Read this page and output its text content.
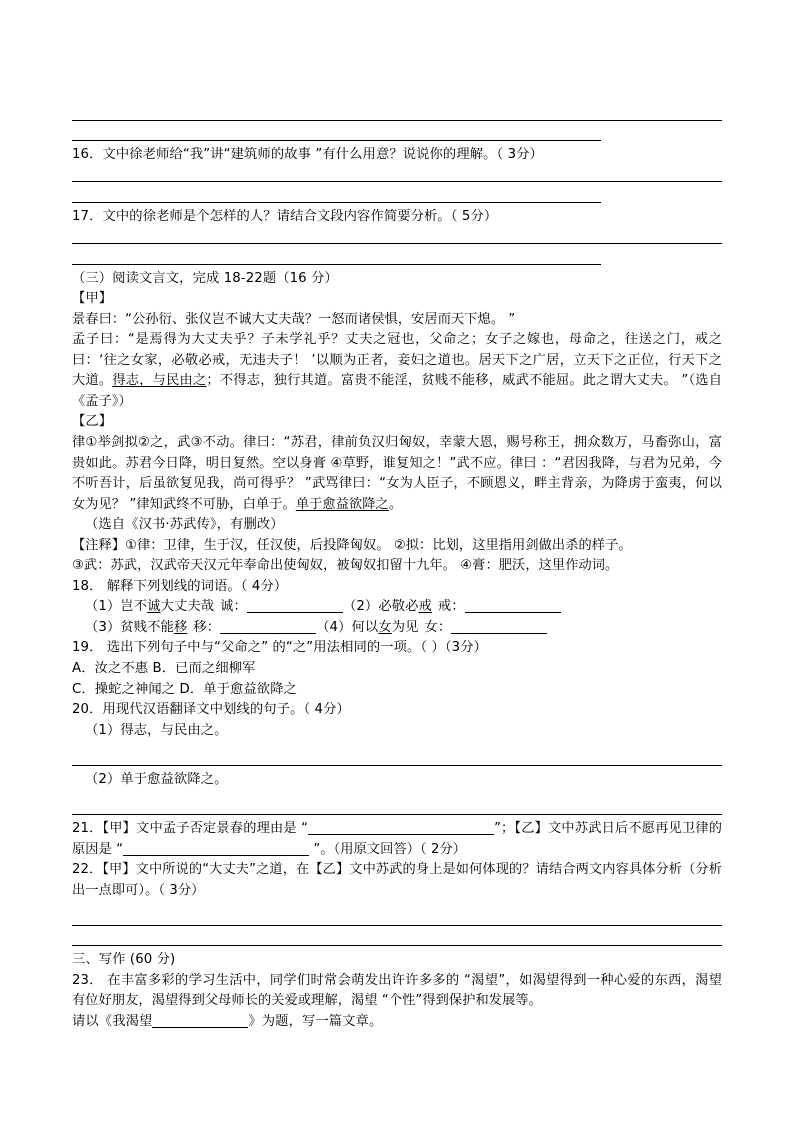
16．文中徐老师给“我”讲“建筑师的故事 ”有什么用意？说说你的理解。（ 3分）

17．文中的徐老师是个怎样的人？请结合文段内容作简要分析。（ 5分）

（三）阅读文言文，完成 18-22题（16 分）

【甲】

景春曰：“公孙衍、张仪岂不诚大丈夫哉？一怒而诸侯惧，安居而天下熄。 ”

孟子曰：“是焉得为大丈夫乎？子未学礼乎？丈夫之冠也，父命之；女子之嫁也，母命之，往送之门，戒之曰：‘往之女家，必敬必戒，无违夫子！ ’以顺为正者，妾妇之道也。居天下之广居，立天下之正位，行天下之大道。得志，与民由之；不得志，独行其道。富贵不能淫，贫贱不能移，威武不能屈。此之谓大丈夫。 ”（选自《孟子》）

【乙】

律①举剑拟②之，武③不动。律曰：“苏君，律前负汉归匈奴，幸蒙大恩，赐号称王，拥众数万，马畜弥山，富贵如此。苏君今日降，明日复然。空以身膏 ④草野，谁复知之！”武不应。律曰 ：“君因我降，与君为兄弟，今不听吾计，后虽欲复见我，尚可得乎？ ”武骂律曰：“女为人臣子，不顾恩义，畔主背亲，为降虏于蛮夷，何以女为见？ ”律知武终不可胁，白单于。单于愈益欲降之。

（选自《汉书·苏武传》，有删改）

【注释】①律：卫律，生于汉，任汉使，后投降匈奴。 ②拟：比划，这里指用剑做出杀的样子。

③武：苏武，汉武帝天汉元年奉命出使匈奴，被匈奴扣留十九年。 ④膏：肥沃，这里作动词。

18． 解释下列划线的词语。（ 4分）

（1）岂不诚大丈夫哉 诚：	（2）必敬必戒 戒：

（3）贫贱不能移 移：	（4）何以女为见 女：

19． 选出下列句子中与“父命之” 的“之”用法相同的一项。（ ）（3分）

A．汝之不惠 B．已而之细柳军

C．操蛇之神闻之 D．单于愈益欲降之

20．用现代汉语翻译文中划线的句子。（ 4分）

（1）得志，与民由之。

（2）单于愈益欲降之。

21．【甲】文中孟子否定景春的理由是 “	”；【乙】文中苏武日后不愿再见卫律的原因是 “	”。（用原文回答）（ 2分）

22．【甲】文中所说的“大丈夫”之道，在【乙】文中苏武的身上是如何体现的？请结合两文内容具体分析（分析出一点即可）。（ 3分）

三、写作 (60 分)

23． 在丰富多彩的学习生活中，同学们时常会萌发出许许多多的 “渴望”，如渴望得到一种心爱的东西，渴望有位好朋友，渴望得到父母师长的关爱或理解，渴望 “个性”得到保护和发展等。

请以《我渴望	》为题，写一篇文章。
